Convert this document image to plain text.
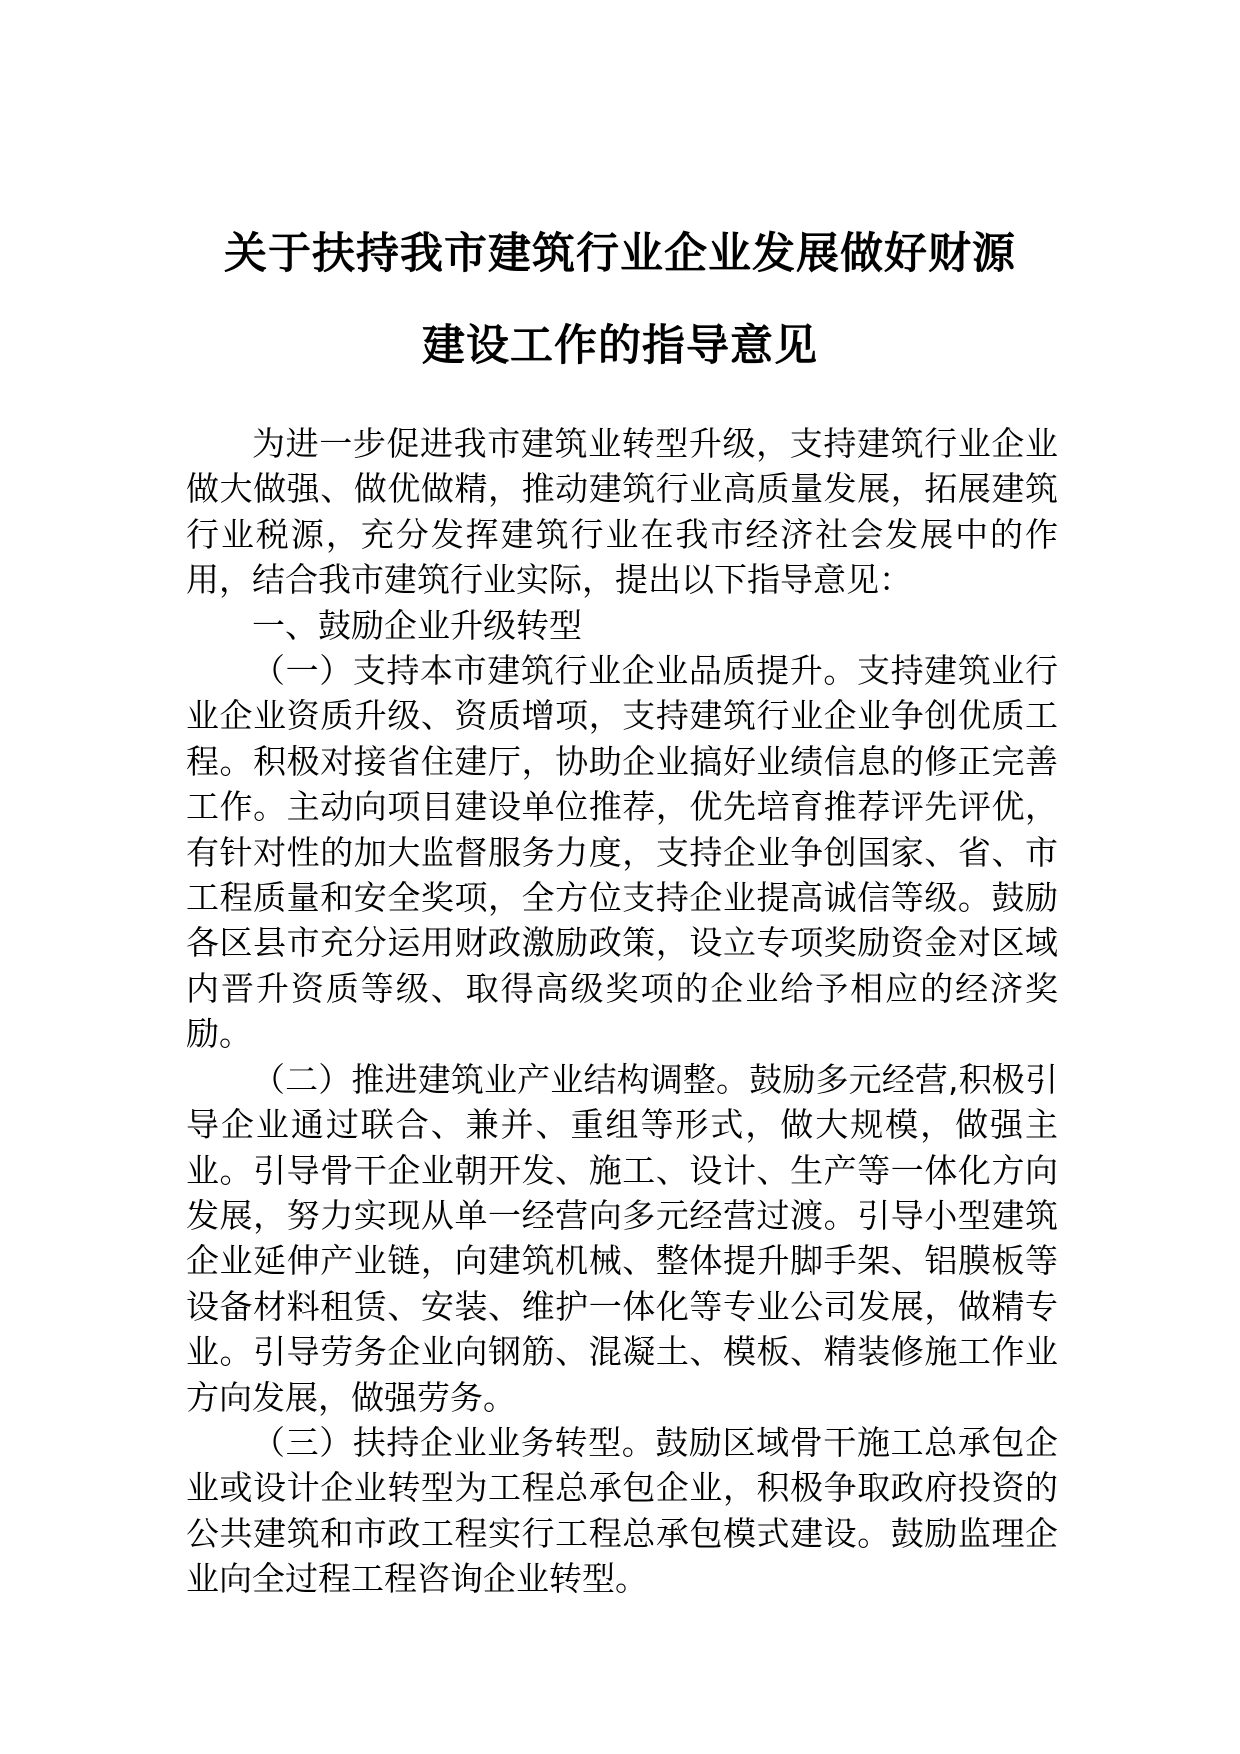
关于扶持我市建筑行业企业发展做好财源
建设工作的指导意见

为进一步促进我市建筑业转型升级，支持建筑行业企业做大做强、做优做精，推动建筑行业高质量发展，拓展建筑行业税源，充分发挥建筑行业在我市经济社会发展中的作用，结合我市建筑行业实际，提出以下指导意见：

一、鼓励企业升级转型

（一）支持本市建筑行业企业品质提升。支持建筑业行业企业资质升级、资质增项，支持建筑行业企业争创优质工程。积极对接省住建厅，协助企业搞好业绩信息的修正完善工作。主动向项目建设单位推荐，优先培育推荐评先评优，有针对性的加大监督服务力度，支持企业争创国家、省、市工程质量和安全奖项，全方位支持企业提高诚信等级。鼓励各区县市充分运用财政激励政策，设立专项奖励资金对区域内晋升资质等级、取得高级奖项的企业给予相应的经济奖励。

（二）推进建筑业产业结构调整。鼓励多元经营,积极引导企业通过联合、兼并、重组等形式，做大规模，做强主业。引导骨干企业朝开发、施工、设计、生产等一体化方向发展，努力实现从单一经营向多元经营过渡。引导小型建筑企业延伸产业链，向建筑机械、整体提升脚手架、铝膜板等设备材料租赁、安装、维护一体化等专业公司发展，做精专业。引导劳务企业向钢筋、混凝土、模板、精装修施工作业方向发展，做强劳务。

（三）扶持企业业务转型。鼓励区域骨干施工总承包企业或设计企业转型为工程总承包企业，积极争取政府投资的公共建筑和市政工程实行工程总承包模式建设。鼓励监理企业向全过程工程咨询企业转型。
